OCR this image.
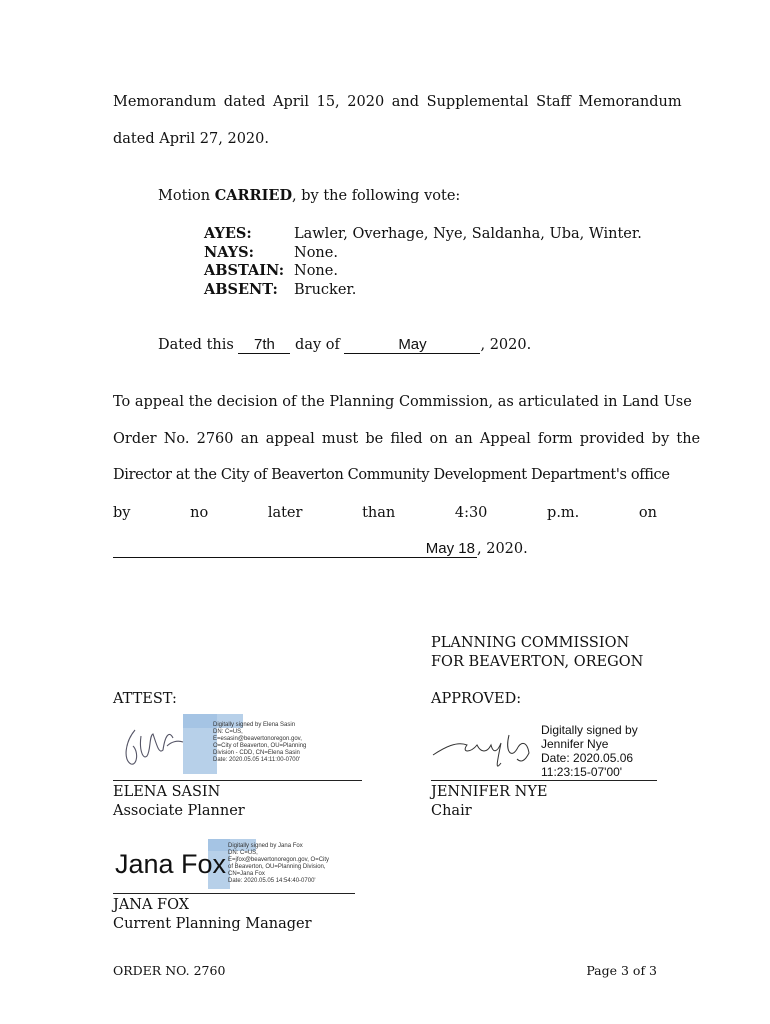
Memorandum dated April 15, 2020 and Supplemental Staff Memorandum
dated April 27, 2020.
Motion CARRIED, by the following vote:
AYES:	Lawler, Overhage, Nye, Saldanha, Uba, Winter.
NAYS:	None.
ABSTAIN: None.
ABSENT:	Brucker.
Dated this 7th day of	May	, 2020.
To appeal the decision of the Planning Commission, as articulated in Land Use
Order No. 2760 an appeal must be filed on an Appeal form provided by the
Director at the City of Beaverton Community Development Department's office
by	no	later	than	4:30	p.m.	on
May 18 , 2020.
PLANNING COMMISSION
FOR BEAVERTON, OREGON
ATTEST:	APPROVED:
Digitally signed by Elena Sasin
DN: C=US,
E=esasin@beavertonoregon.gov,
O=City of Beaverton, OU=Planning
Division - CDD, CN=Elena Sasin
Date: 2020.05.05 14:11:00-0700'
ELENA SASIN
Associate Planner
Digitally signed by
Jennifer Nye
Date: 2020.05.06
11:23:15-07'00'
JENNIFER NYE
Chair
Jana Fox
Digitally signed by Jana Fox
DN: C=US,
E=jfox@beavertonoregon.gov, O=City
of Beaverton, OU=Planning Division,
CN=Jana Fox
Date: 2020.05.05 14:54:40-0700'
JANA FOX
Current Planning Manager
ORDER NO. 2760	Page 3 of 3
